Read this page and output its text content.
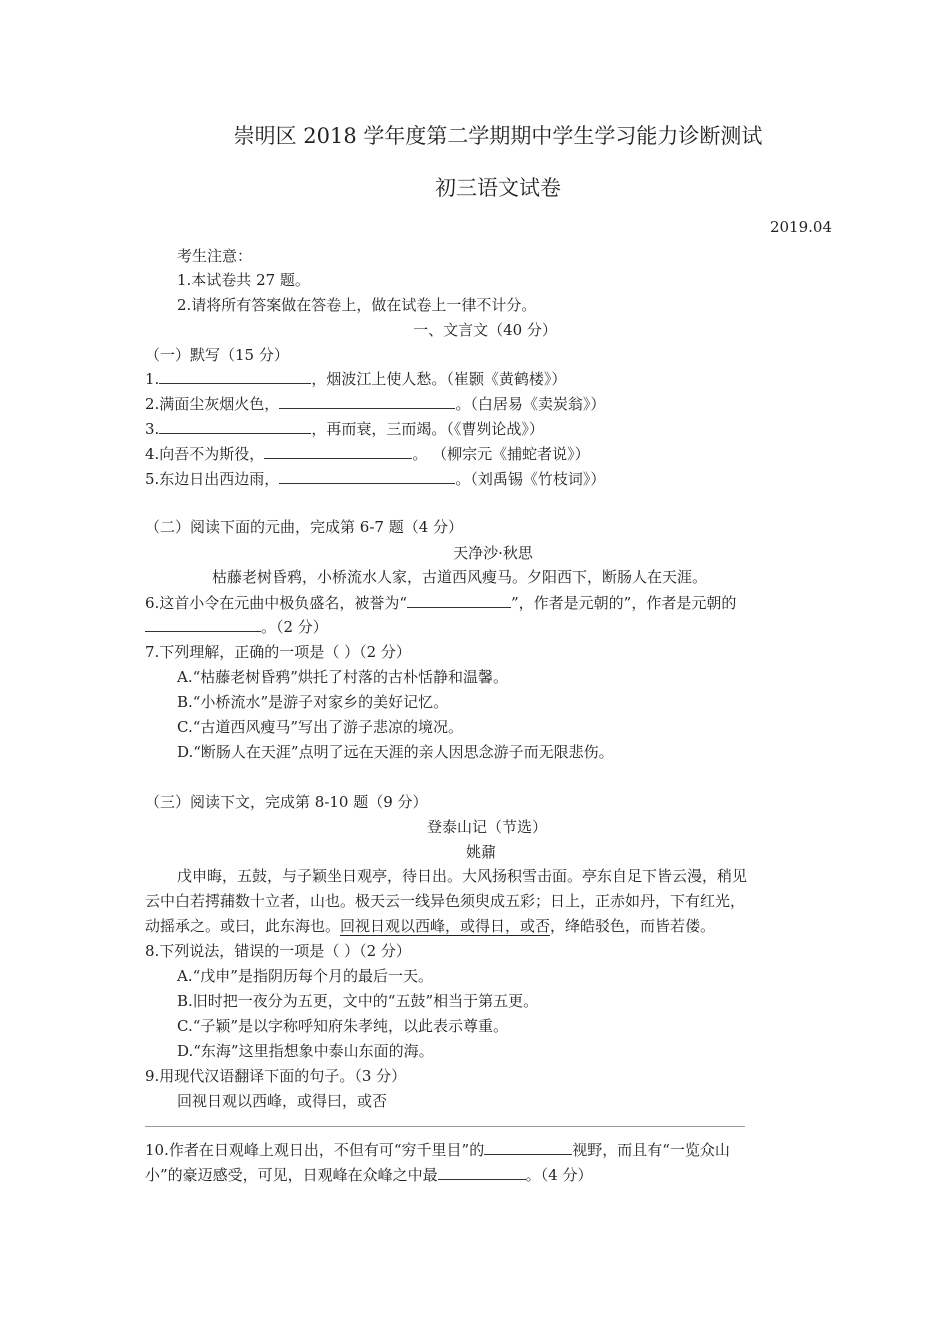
崇明区 2018 学年度第二学期期中学生学习能力诊断测试
初三语文试卷
2019.04
考生注意：
1.本试卷共 27 题。
2.请将所有答案做在答卷上，做在试卷上一律不计分。
一、文言文（40 分）
（一）默写（15 分）
1.	，烟波江上使人愁。（崔颢《黄鹤楼》）
2.满面尘灰烟火色，	。（白居易《卖炭翁》）
3.	，再而衰，三而竭。（《曹刿论战》）
4.向吾不为斯役，	。 （柳宗元《捕蛇者说》）
5.东边日出西边雨，	。（刘禹锡《竹枝词》）
（二）阅读下面的元曲，完成第 6-7 题（4 分）
天净沙·秋思
枯藤老树昏鸦，小桥流水人家，古道西风瘦马。夕阳西下，断肠人在天涯。
6.这首小令在元曲中极负盛名，被誉为“	”，作者是元朝的”，作者是元朝的
。（2 分）
7.下列理解，正确的一项是（ ）（2 分）
A.“枯藤老树昏鸦”烘托了村落的古朴恬静和温馨。
B.“小桥流水”是游子对家乡的美好记忆。
C.“古道西风瘦马”写出了游子悲凉的境况。
D.“断肠人在天涯”点明了远在天涯的亲人因思念游子而无限悲伤。
（三）阅读下文，完成第 8-10 题（9 分）
登泰山记（节选）
姚鼐
戊申晦，五鼓，与子颖坐日观亭，待日出。大风扬积雪击面。亭东自足下皆云漫，稍见
云中白若摴蒱数十立者，山也。极天云一线异色须臾成五彩；日上，正赤如丹，下有红光，
动摇承之。或曰，此东海也。回视日观以西峰，或得日，或否，绛皓驳色，而皆若偻。
8.下列说法，错误的一项是（ ）（2 分）
A.“戊申”是指阴历每个月的最后一天。
B.旧时把一夜分为五更，文中的“五鼓”相当于第五更。
C.“子颖”是以字称呼知府朱孝纯，以此表示尊重。
D.“东海”这里指想象中泰山东面的海。
9.用现代汉语翻译下面的句子。（3 分）
回视日观以西峰，或得曰，或否
10.作者在日观峰上观日出，不但有可“穷千里目”的	视野，而且有“一览众山
小”的豪迈感受，可见，日观峰在众峰之中最	。（4 分）
